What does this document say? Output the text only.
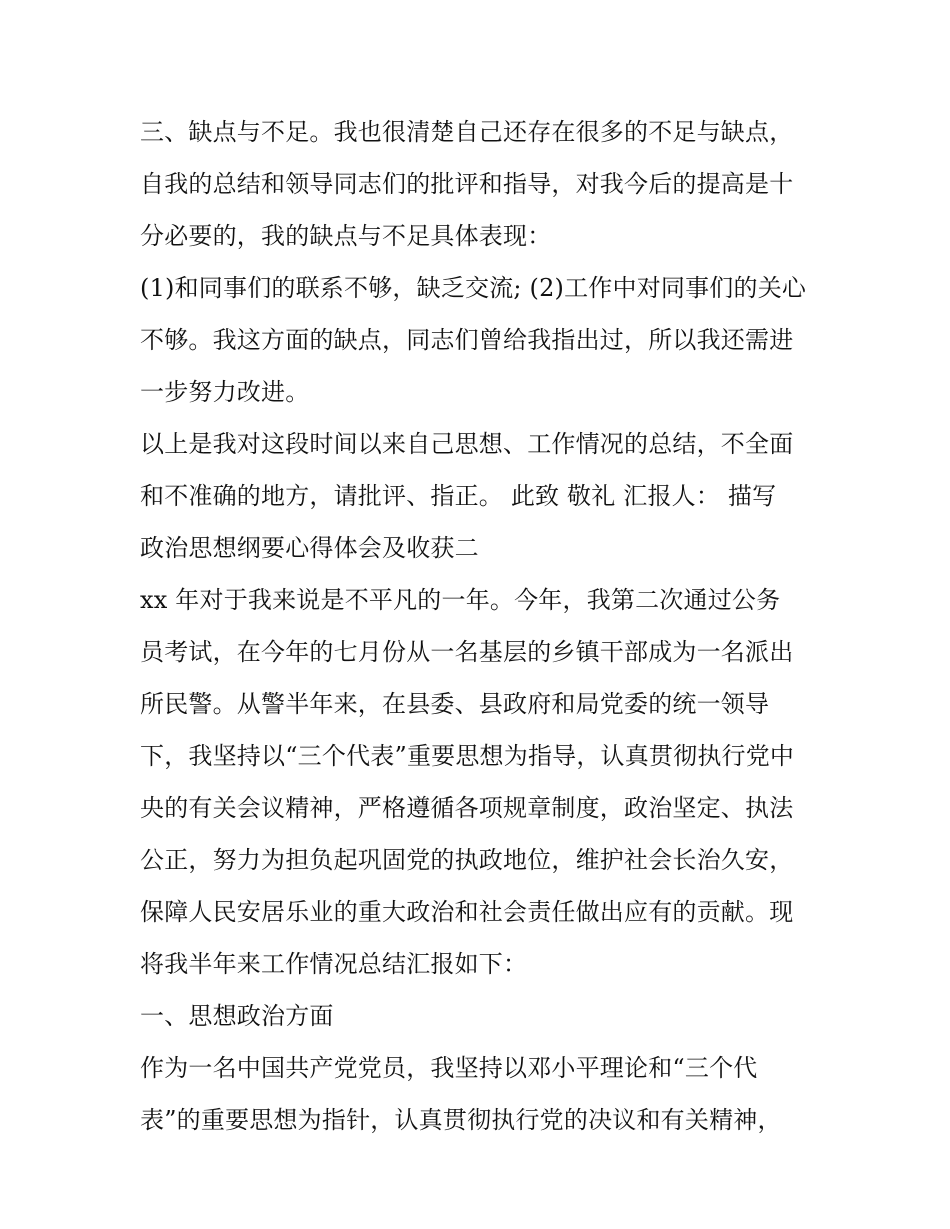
三、缺点与不足。我也很清楚自己还存在很多的不足与缺点，
自我的总结和领导同志们的批评和指导，对我今后的提高是十
分必要的，我的缺点与不足具体表现：
(1)和同事们的联系不够，缺乏交流; (2)工作中对同事们的关心
不够。我这方面的缺点，同志们曾给我指出过，所以我还需进
一步努力改进。
以上是我对这段时间以来自己思想、工作情况的总结，不全面
和不准确的地方，请批评、指正。 此致 敬礼 汇报人： 描写
政治思想纲要心得体会及收获二
xx 年对于我来说是不平凡的一年。今年，我第二次通过公务
员考试，在今年的七月份从一名基层的乡镇干部成为一名派出
所民警。从警半年来，在县委、县政府和局党委的统一领导
下，我坚持以“三个代表”重要思想为指导，认真贯彻执行党中
央的有关会议精神，严格遵循各项规章制度，政治坚定、执法
公正，努力为担负起巩固党的执政地位，维护社会长治久安，
保障人民安居乐业的重大政治和社会责任做出应有的贡献。现
将我半年来工作情况总结汇报如下：
一、思想政治方面
作为一名中国共产党党员，我坚持以邓小平理论和“三个代
表”的重要思想为指针，认真贯彻执行党的决议和有关精神，
